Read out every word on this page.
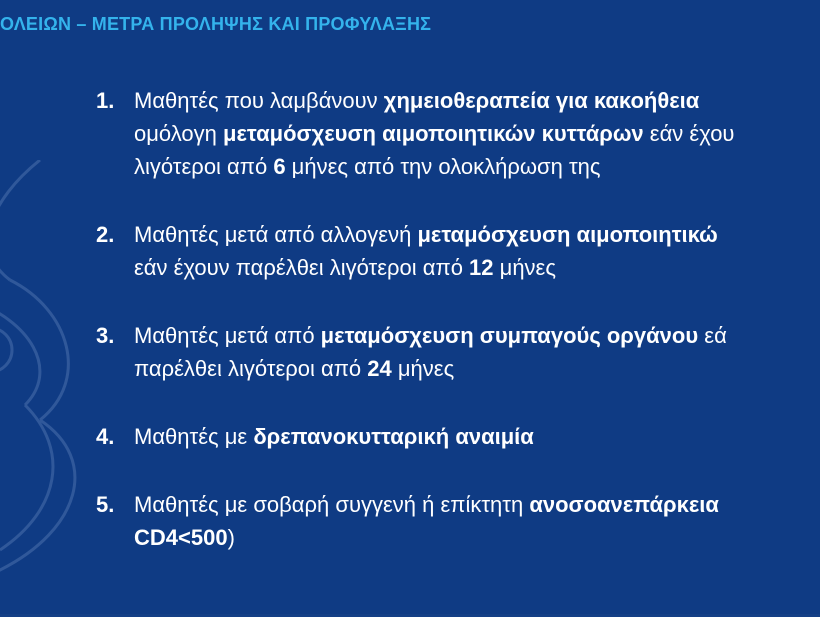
ΟΛΕΙΩΝ – ΜΕΤΡΑ ΠΡΟΛΗΨΗΣ ΚΑΙ ΠΡΟΦΥΛΑΞΗΣ
1. Μαθητές που λαμβάνουν χημειοθεραπεία για κακοήθεια
ομόλογη μεταμόσχευση αιμοποιητικών κυττάρων εάν έχου
λιγότεροι από 6 μήνες από την ολοκλήρωση της
2. Μαθητές μετά από αλλογενή μεταμόσχευση αιμοποιητικώ
εάν έχουν παρέλθει λιγότεροι από 12 μήνες
3. Μαθητές μετά από μεταμόσχευση συμπαγούς οργάνου εά
παρέλθει λιγότεροι από 24 μήνες
4. Μαθητές με δρεπανοκυτταρική αναιμία
5. Μαθητές με σοβαρή συγγενή ή επίκτητη ανοσοανεπάρκεια
CD4<500)
